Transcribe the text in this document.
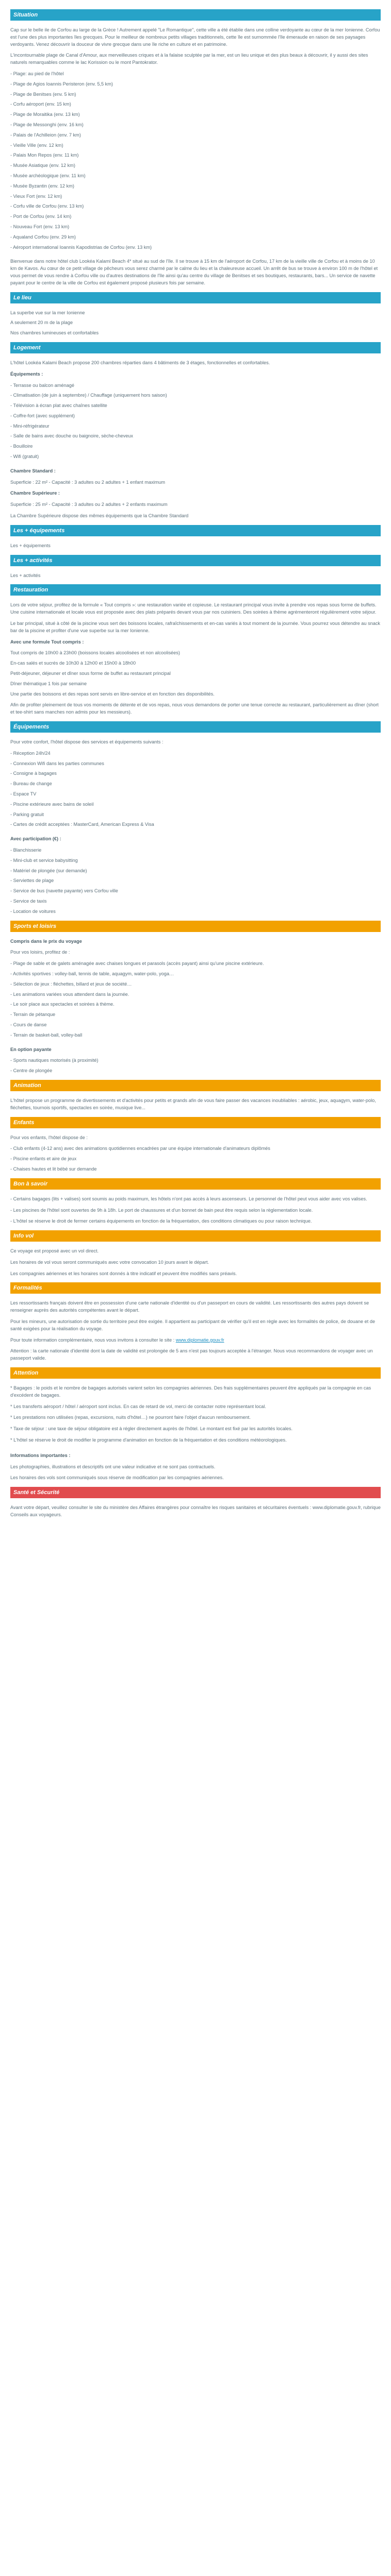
Situation

Cap sur le belle ile de Corfou au large de la Grèce ! Autrement appelé "Le Romantique", cette ville a été établie dans une colline verdoyante au cœur de la mer Ionienne. Corfou est l'une des plus importantes îles grecques. Pour le meilleur de nombreux petits villages traditionnels, cette île est surnommée l'île émeraude en raison de ses paysages verdoyants. Venez découvrir la douceur de vivre grecque dans une île riche en culture et en patrimoine.

L'incontournable plage de Canal d'Amour, aux merveilleuses criques et à la falaise sculptée par la mer, est un lieu unique et des plus beaux à découvrir, il y aussi des sites naturels remarquables comme le lac Korission ou le mont Pantokrator.

- Plage: au pied de l'hôtel

- Plage de Agios Ioannis Peristeron (env. 5,5 km)

- Plage de Benitses (env. 5 km)

- Corfu aéroport (env. 15 km)

- Plage de Moraitika (env. 13 km)

- Plage de Messonghi (env. 16 km)

- Palais de l'Achilleion (env. 7 km)

- Vieille Ville (env. 12 km)

- Palais Mon Repos (env. 11 km)

- Musée Asiatique (env. 12 km)

- Musée archéologique (env. 11 km)

- Musée Byzantin (env. 12 km)

- Vieux Fort (env. 12 km)

- Corfu ville de Corfou (env. 13 km)

- Port de Corfou (env. 14 km)

- Nouveau Fort (env. 13 km)

- Aqualand Corfou (env. 29 km)

- Aéroport international Ioannis Kapodistrias de Corfou (env. 13 km)

Bienvenue dans notre hôtel club Lookéa Kalami Beach 4* situé au sud de l'île. Il se trouve à 15 km de l'aéroport de Corfou, 17 km de la vieille ville de Corfou et à moins de 10 km de Kavos. Au cœur de ce petit village de pêcheurs vous serez charmé par le calme du lieu et la chaleureuse accueil. Un arrêt de bus se trouve à environ 100 m de l'hôtel et vous permet de vous rendre à Corfou ville ou d'autres destinations de l'île ainsi qu'au centre du village de Benitses et ses boutiques, restaurants, bars... Un service de navette payant pour le centre de la ville de Corfou est également proposé plusieurs fois par semaine.

Le lieu

La superbe vue sur la mer Ionienne

A seulement 20 m de la plage

Nos chambres lumineuses et confortables

Logement

L'hôtel Lookéa Kalami Beach propose 200 chambres réparties dans 4 bâtiments de 3 étages, fonctionnelles et confortables.

Équipements :

- Terrasse ou balcon aménagé

- Climatisation (de juin à septembre) / Chauffage (uniquement hors saison)

- Télévision à écran plat avec chaînes satellite

- Coffre-fort (avec supplément)

- Mini-réfrigérateur

- Salle de bains avec douche ou baignoire, sèche-cheveux

- Bouilloire

- Wifi (gratuit)

Chambre Standard :

Superficie : 22 m² - Capacité : 3 adultes ou 2 adultes + 1 enfant maximum

Chambre Supérieure :

Superficie : 25 m² - Capacité : 3 adultes ou 2 adultes + 2 enfants maximum

La Chambre Supérieure dispose des mêmes équipements que la Chambre Standard

Les + équipements

Les + équipements

Les + activités

Les + activités

Restauration

Lors de votre séjour, profitez de la formule « Tout compris »: une restauration variée et copieuse. Le restaurant principal vous invite à prendre vos repas sous forme de buffets. Une cuisine internationale et locale vous est proposée avec des plats préparés devant vous par nos cuisiniers. Des soirées à thème agrémenteront régulièrement votre séjour.

Le bar principal, situé à côté de la piscine vous sert des boissons locales, rafraîchissements et en-cas variés à tout moment de la journée. Vous pourrez vous détendre au snack bar de la piscine et profiter d'une vue superbe sur la mer Ionienne.

Avec une formule Tout compris :

Tout compris de 10h00 à 23h00 (boissons locales alcoolisées et non alcoolisées)

En-cas salés et sucrés de 10h30 à 12h00 et 15h00 à 18h00

Petit-déjeuner, déjeuner et dîner sous forme de buffet au restaurant principal

Dîner thématique 1 fois par semaine

Une partie des boissons et des repas sont servis en libre-service et en fonction des disponibilités.

Afin de profiter pleinement de tous vos moments de détente et de vos repas, nous vous demandons de porter une tenue correcte au restaurant, particulièrement au dîner (short et tee-shirt sans manches non admis pour les messieurs).

Équipements

Pour votre confort, l'hôtel dispose des services et équipements suivants :

- Réception 24h/24

- Connexion Wifi dans les parties communes

- Consigne à bagages

- Bureau de change

- Espace TV

- Piscine extérieure avec bains de soleil

- Parking gratuit

- Cartes de crédit acceptées : MasterCard, American Express & Visa

Avec participation (€) :

- Blanchisserie

- Mini-club et service babysitting

- Matériel de plongée (sur demande)

- Serviettes de plage

- Service de bus (navette payante) vers Corfou ville

- Service de taxis

- Location de voitures

Sports et loisirs

Compris dans le prix du voyage

Pour vos loisirs, profitez de :

- Plage de sable et de galets aménagée avec chaises longues et parasols (accès payant) ainsi qu'une piscine extérieure.

- Activités sportives : volley-ball, tennis de table, aquagym, water-polo, yoga…

- Sélection de jeux : fléchettes, billard et jeux de société…

- Les animations variées vous attendent dans la journée.

- Le soir place aux spectacles et soirées à thème.

- Terrain de pétanque

- Cours de danse

- Terrain de basket-ball, volley-ball

En option payante

- Sports nautiques motorisés (à proximité)

- Centre de plongée

Animation

L'hôtel propose un programme de divertissements et d'activités pour petits et grands afin de vous faire passer des vacances inoubliables : aérobic, jeux, aquagym, water-polo, fléchettes, tournois sportifs, spectacles en soirée, musique live...

Enfants

Pour vos enfants, l'hôtel dispose de :

- Club enfants (4-12 ans) avec des animations quotidiennes encadrées par une équipe internationale d'animateurs diplômés

- Piscine enfants et aire de jeux

- Chaises hautes et lit bébé sur demande

Bon à savoir

- Certains bagages (lits + valises) sont soumis au poids maximum, les hôtels n'ont pas accès à leurs ascenseurs. Le personnel de l'hôtel peut vous aider avec vos valises.

- Les piscines de l'hôtel sont ouvertes de 9h à 18h. Le port de chaussures et d'un bonnet de bain peut être requis selon la règlementation locale.

- L'hôtel se réserve le droit de fermer certains équipements en fonction de la fréquentation, des conditions climatiques ou pour raison technique.

Info vol

Ce voyage est proposé avec un vol direct.

Les horaires de vol vous seront communiqués avec votre convocation 10 jours avant le départ.

Les compagnies aériennes et les horaires sont donnés à titre indicatif et peuvent être modifiés sans préavis.

Formalités

Les ressortissants français doivent être en possession d'une carte nationale d'identité ou d'un passeport en cours de validité. Les ressortissants des autres pays doivent se renseigner auprès des autorités compétentes avant le départ.

Pour les mineurs, une autorisation de sortie du territoire peut être exigée. Il appartient au participant de vérifier qu'il est en règle avec les formalités de police, de douane et de santé exigées pour la réalisation du voyage.

Pour toute information complémentaire, nous vous invitons à consulter le site : www.diplomatie.gouv.fr

Attention : la carte nationale d'identité dont la date de validité est prolongée de 5 ans n'est pas toujours acceptée à l'étranger. Nous vous recommandons de voyager avec un passeport valide.

Attention

* Bagages : le poids et le nombre de bagages autorisés varient selon les compagnies aériennes. Des frais supplémentaires peuvent être appliqués par la compagnie en cas d'excédent de bagages.

* Les transferts aéroport / hôtel / aéroport sont inclus. En cas de retard de vol, merci de contacter notre représentant local.

* Les prestations non utilisées (repas, excursions, nuits d'hôtel…) ne pourront faire l'objet d'aucun remboursement.

* Taxe de séjour : une taxe de séjour obligatoire est à régler directement auprès de l'hôtel. Le montant est fixé par les autorités locales.

* L'hôtel se réserve le droit de modifier le programme d'animation en fonction de la fréquentation et des conditions météorologiques.

Informations importantes :

Les photographies, illustrations et descriptifs ont une valeur indicative et ne sont pas contractuels.

Les horaires des vols sont communiqués sous réserve de modification par les compagnies aériennes.

Santé et Sécurité

Avant votre départ, veuillez consulter le site du ministère des Affaires étrangères pour connaître les risques sanitaires et sécuritaires éventuels : www.diplomatie.gouv.fr, rubrique Conseils aux voyageurs.
